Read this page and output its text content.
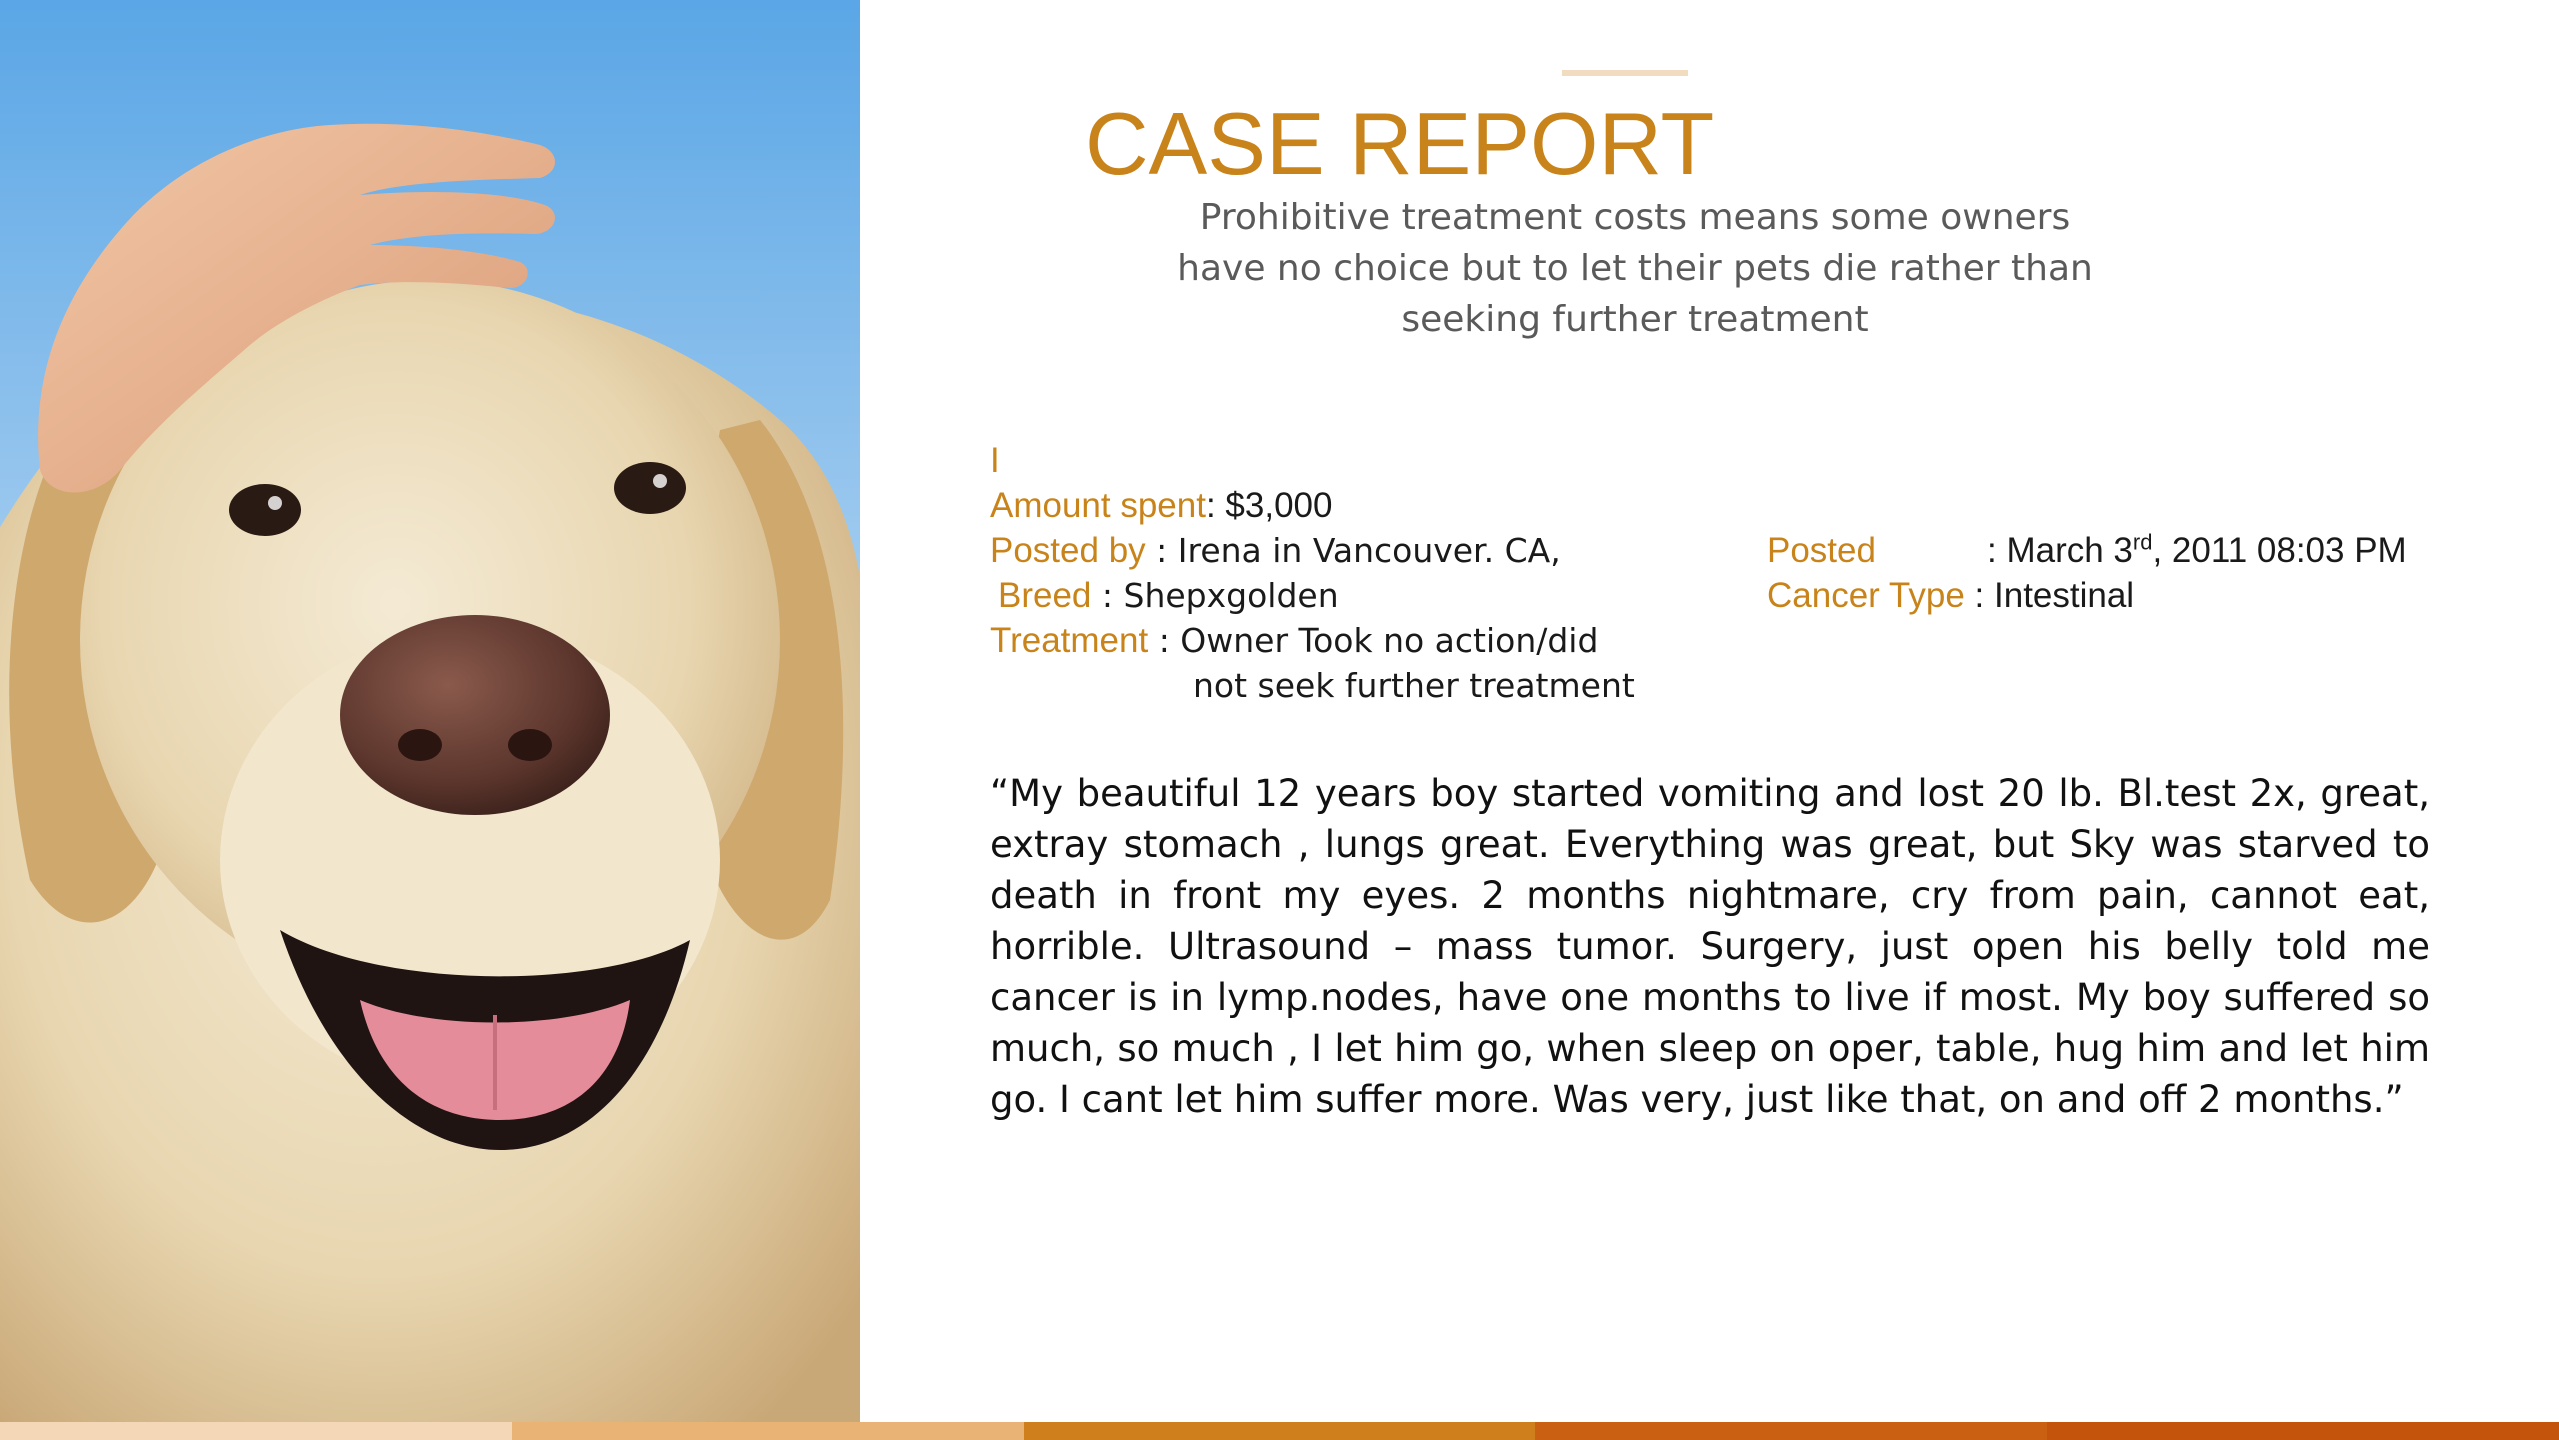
CASE REPORT

Prohibitive treatment costs means some owners have no choice but to let their pets die rather than seeking further treatment

I
Amount spent: $3,000
Posted by : Irena in Vancouver. CA,
Breed : Shepxgolden
Treatment : Owner Took no action/did
not seek further treatment
Posted	: March 3rd, 2011 08:03 PM
Cancer Type : Intestinal

“My beautiful 12 years boy started vomiting and lost 20 lb. Bl.test 2x, great, extray stomach , lungs great. Everything was great, but Sky was starved to death in front my eyes. 2 months nightmare, cry from pain, cannot eat, horrible. Ultrasound – mass tumor. Surgery, just open his belly told me cancer is in lymp.nodes, have one months to live if most. My boy suffered so much, so much , I let him go, when sleep on oper, table, hug him and let him go. I cant let him suffer more. Was very, just like that, on and off 2 months.”
